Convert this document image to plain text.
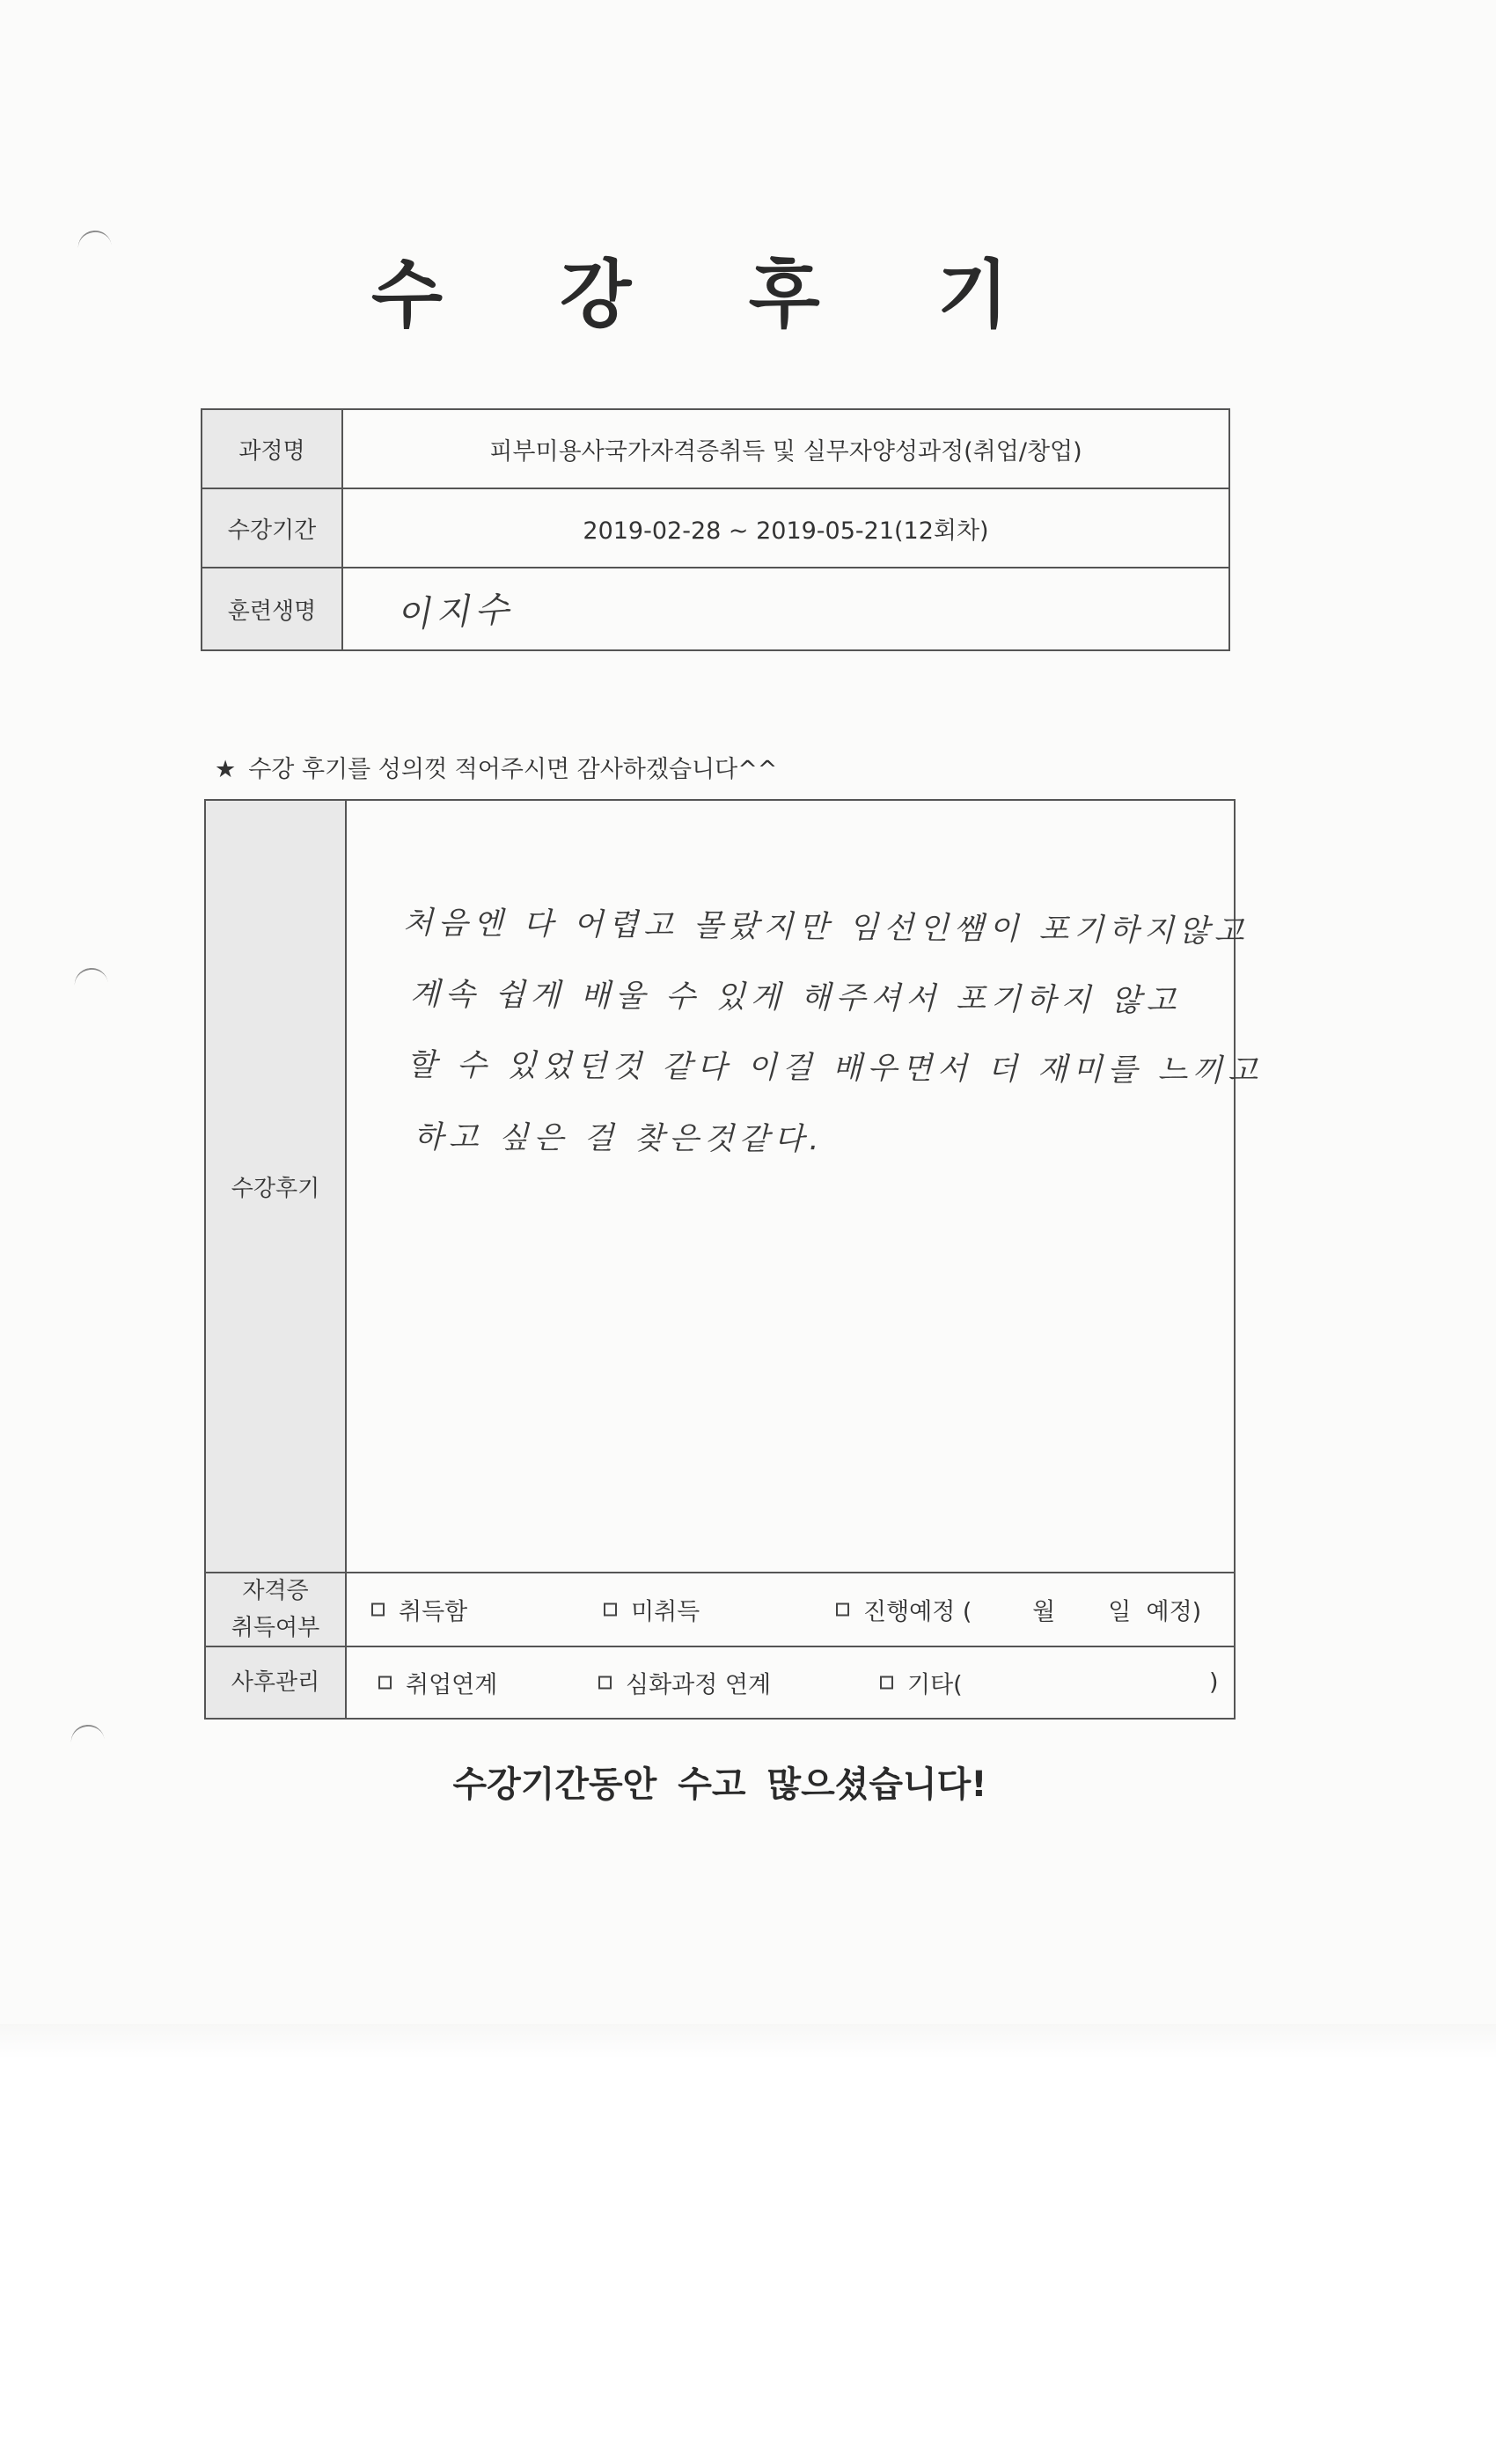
수 강 후 기
과정명	피부미용사국가자격증취득 및 실무자양성과정(취업/창업)
수강기간	2019-02-28 ~ 2019-05-21(12회차)
훈련생명	이지수
★ 수강 후기를 성의껏 적어주시면 감사하겠습니다^^
수강후기
처음엔 다 어렵고 몰랐지만 임선인쌤이 포기하지않고
계속 쉽게 배울 수 있게 해주셔서 포기하지 않고
할 수 있었던것 같다 이걸 배우면서 더 재미를 느끼고
하고 싶은 걸 찾은것같다.
자격증
취득여부
취득함	미취득	진행예정 (        월       일  예정)
사후관리	취업연계	심화과정 연계	기타(	)
수강기간동안 수고 많으셨습니다!
